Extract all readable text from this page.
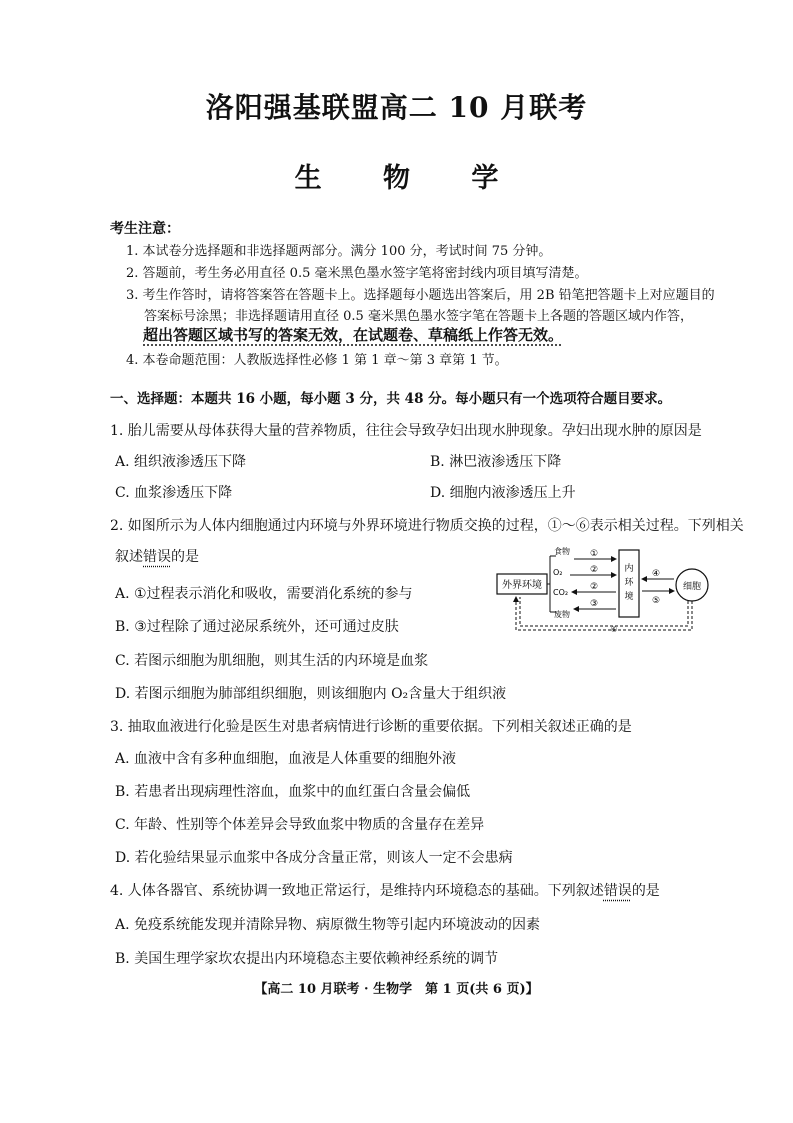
洛阳强基联盟高二 10 月联考
生 物 学
考生注意：
1. 本试卷分选择题和非选择题两部分。满分 100 分，考试时间 75 分钟。
2. 答题前，考生务必用直径 0.5 毫米黑色墨水签字笔将密封线内项目填写清楚。
3. 考生作答时，请将答案答在答题卡上。选择题每小题选出答案后，用 2B 铅笔把答题卡上对应题目的
答案标号涂黑；非选择题请用直径 0.5 毫米黑色墨水签字笔在答题卡上各题的答题区域内作答，
超出答题区域书写的答案无效，在试题卷、草稿纸上作答无效。
4. 本卷命题范围：人教版选择性必修 1 第 1 章～第 3 章第 1 节。
一、选择题：本题共 16 小题，每小题 3 分，共 48 分。每小题只有一个选项符合题目要求。
1. 胎儿需要从母体获得大量的营养物质，往往会导致孕妇出现水肿现象。孕妇出现水肿的原因是
A. 组织液渗透压下降	B. 淋巴液渗透压下降
C. 血浆渗透压下降	D. 细胞内液渗透压上升
2. 如图所示为人体内细胞通过内环境与外界环境进行物质交换的过程，①～⑥表示相关过程。下列相关
叙述错误的是
A. ①过程表示消化和吸收，需要消化系统的参与
B. ③过程除了通过泌尿系统外，还可通过皮肤
C. 若图示细胞为肌细胞，则其生活的内环境是血浆
D. 若图示细胞为肺部组织细胞，则该细胞内 O₂含量大于组织液
外界环境
食物
O₂
CO₂
废物
①
②
②
③
内
环
境
④
⑤
细胞
⑥
3. 抽取血液进行化验是医生对患者病情进行诊断的重要依据。下列相关叙述正确的是
A. 血液中含有多种血细胞，血液是人体重要的细胞外液
B. 若患者出现病理性溶血，血浆中的血红蛋白含量会偏低
C. 年龄、性别等个体差异会导致血浆中物质的含量存在差异
D. 若化验结果显示血浆中各成分含量正常，则该人一定不会患病
4. 人体各器官、系统协调一致地正常运行，是维持内环境稳态的基础。下列叙述错误的是
A. 免疫系统能发现并清除异物、病原微生物等引起内环境波动的因素
B. 美国生理学家坎农提出内环境稳态主要依赖神经系统的调节
【高二 10 月联考 · 生物学　第 1 页(共 6 页)】
